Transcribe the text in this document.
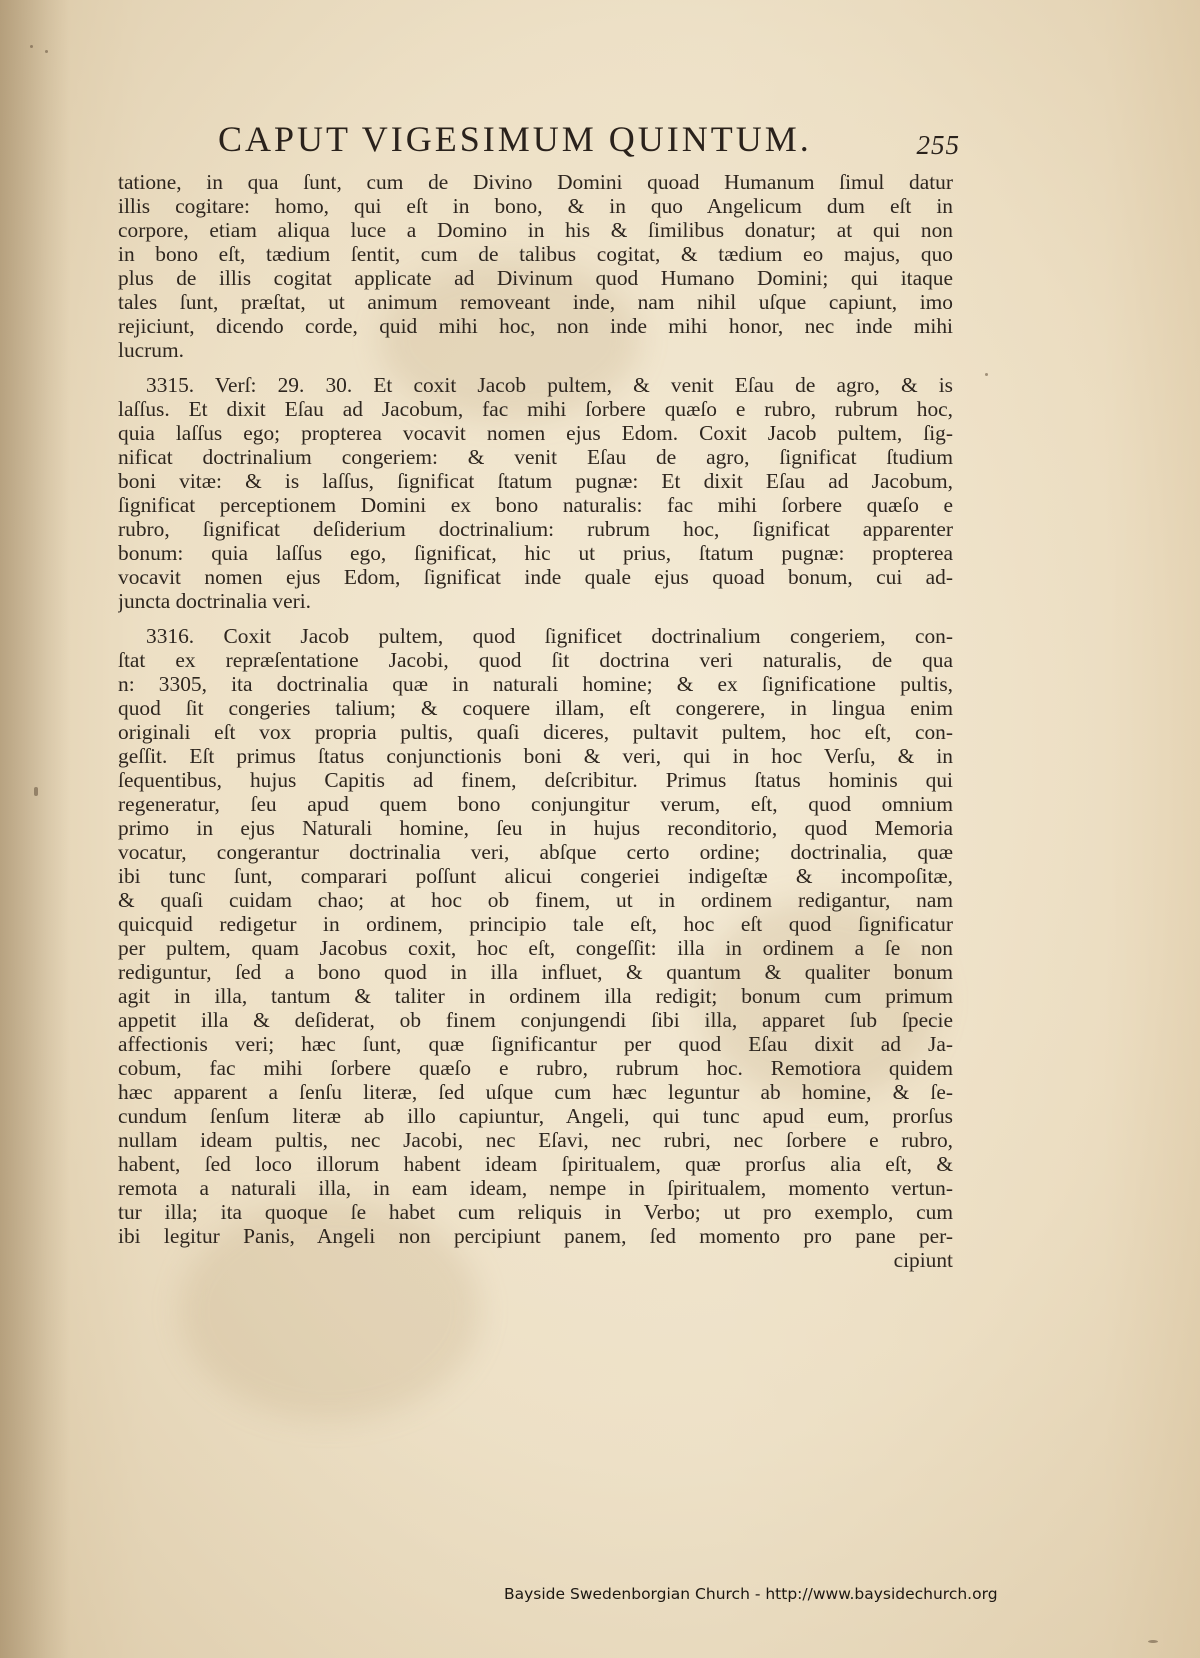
CAPUT VIGESIMUM QUINTUM.	255
tatione, in qua ſunt, cum de Divino Domini quoad Humanum ſimul datur
illis cogitare: homo, qui eſt in bono, & in quo Angelicum dum eſt in
corpore, etiam aliqua luce a Domino in his & ſimilibus donatur; at qui non
in bono eſt, tædium ſentit, cum de talibus cogitat, & tædium eo majus, quo
plus de illis cogitat applicate ad Divinum quod Humano Domini; qui itaque
tales ſunt, præſtat, ut animum removeant inde, nam nihil uſque capiunt, imo
rejiciunt, dicendo corde, quid mihi hoc, non inde mihi honor, nec inde mihi
lucrum.
3315. Verſ: 29. 30. Et coxit Jacob pultem, & venit Eſau de agro, & is
laſſus. Et dixit Eſau ad Jacobum, fac mihi ſorbere quæſo e rubro, rubrum hoc,
quia laſſus ego; propterea vocavit nomen ejus Edom. Coxit Jacob pultem, ſig-
nificat doctrinalium congeriem: & venit Eſau de agro, ſignificat ſtudium
boni vitæ: & is laſſus, ſignificat ſtatum pugnæ: Et dixit Eſau ad Jacobum,
ſignificat perceptionem Domini ex bono naturalis: fac mihi ſorbere quæſo e
rubro, ſignificat deſiderium doctrinalium: rubrum hoc, ſignificat apparenter
bonum: quia laſſus ego, ſignificat, hic ut prius, ſtatum pugnæ: propterea
vocavit nomen ejus Edom, ſignificat inde quale ejus quoad bonum, cui ad-
juncta doctrinalia veri.
3316. Coxit Jacob pultem, quod ſignificet doctrinalium congeriem, con-
ſtat ex repræſentatione Jacobi, quod ſit doctrina veri naturalis, de qua
n: 3305, ita doctrinalia quæ in naturali homine; & ex ſignificatione pultis,
quod ſit congeries talium; & coquere illam, eſt congerere, in lingua enim
originali eſt vox propria pultis, quaſi diceres, pultavit pultem, hoc eſt, con-
geſſit. Eſt primus ſtatus conjunctionis boni & veri, qui in hoc Verſu, & in
ſequentibus, hujus Capitis ad finem, deſcribitur. Primus ſtatus hominis qui
regeneratur, ſeu apud quem bono conjungitur verum, eſt, quod omnium
primo in ejus Naturali homine, ſeu in hujus reconditorio, quod Memoria
vocatur, congerantur doctrinalia veri, abſque certo ordine; doctrinalia, quæ
ibi tunc ſunt, comparari poſſunt alicui congeriei indigeſtæ & incompoſitæ,
& quaſi cuidam chao; at hoc ob finem, ut in ordinem redigantur, nam
quicquid redigetur in ordinem, principio tale eſt, hoc eſt quod ſignificatur
per pultem, quam Jacobus coxit, hoc eſt, congeſſit: illa in ordinem a ſe non
rediguntur, ſed a bono quod in illa influet, & quantum & qualiter bonum
agit in illa, tantum & taliter in ordinem illa redigit; bonum cum primum
appetit illa & deſiderat, ob finem conjungendi ſibi illa, apparet ſub ſpecie
affectionis veri; hæc ſunt, quæ ſignificantur per quod Eſau dixit ad Ja-
cobum, fac mihi ſorbere quæſo e rubro, rubrum hoc. Remotiora quidem
hæc apparent a ſenſu literæ, ſed uſque cum hæc leguntur ab homine, & ſe-
cundum ſenſum literæ ab illo capiuntur, Angeli, qui tunc apud eum, prorſus
nullam ideam pultis, nec Jacobi, nec Eſavi, nec rubri, nec ſorbere e rubro,
habent, ſed loco illorum habent ideam ſpiritualem, quæ prorſus alia eſt, &
remota a naturali illa, in eam ideam, nempe in ſpiritualem, momento vertun-
tur illa; ita quoque ſe habet cum reliquis in Verbo; ut pro exemplo, cum
ibi legitur Panis, Angeli non percipiunt panem, ſed momento pro pane per-
cipiunt
Bayside Swedenborgian Church - http://www.baysidechurch.org
